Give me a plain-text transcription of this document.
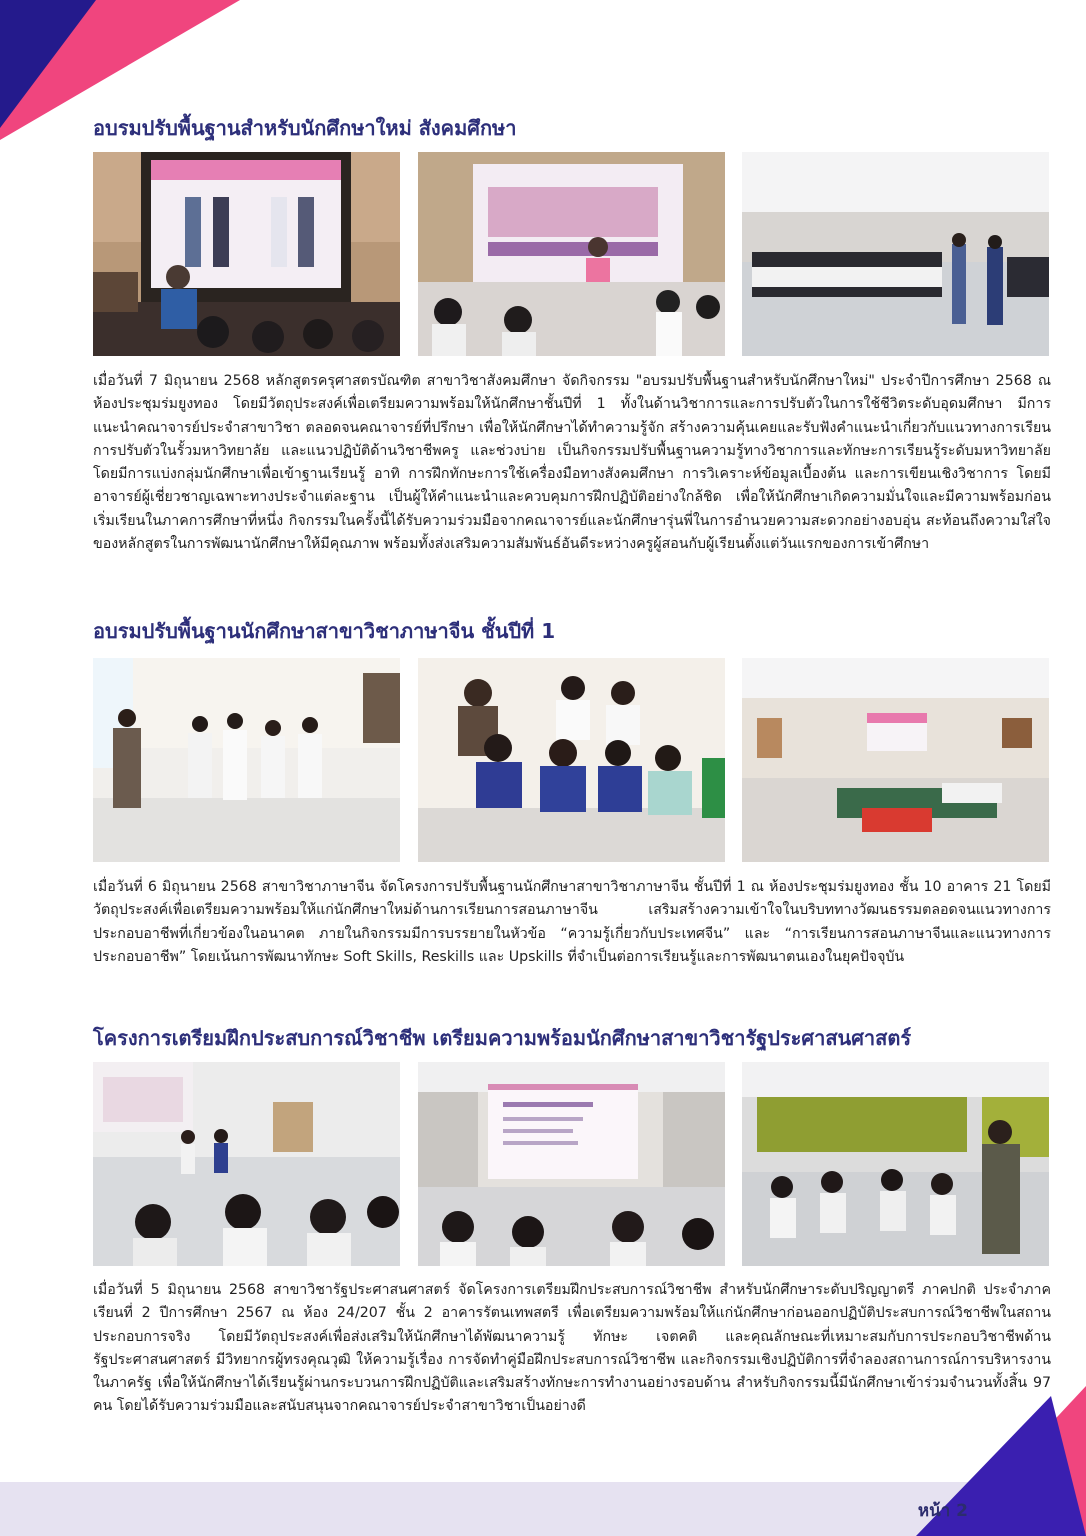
หน้า 2
อบรมปรับพื้นฐานสำหรับนักศึกษาใหม่ สังคมศึกษา

เมื่อวันที่ 7 มิถุนายน 2568 หลักสูตรครุศาสตรบัณฑิต สาขาวิชาสังคมศึกษา จัดกิจกรรม "อบรมปรับพื้นฐานสำหรับนักศึกษาใหม่" ประจำปีการศึกษา 2568 ณ ห้องประชุมร่มยูงทอง โดยมีวัตถุประสงค์เพื่อเตรียมความพร้อมให้นักศึกษาชั้นปีที่ 1 ทั้งในด้านวิชาการและการปรับตัวในการใช้ชีวิตระดับอุดมศึกษา มีการแนะนำคณาจารย์ประจำสาขาวิชา ตลอดจนคณาจารย์ที่ปรึกษา เพื่อให้นักศึกษาได้ทำความรู้จัก สร้างความคุ้นเคยและรับฟังคำแนะนำเกี่ยวกับแนวทางการเรียน การปรับตัวในรั้วมหาวิทยาลัย และแนวปฏิบัติด้านวิชาชีพครู และช่วงบ่าย เป็นกิจกรรมปรับพื้นฐานความรู้ทางวิชาการและทักษะการเรียนรู้ระดับมหาวิทยาลัย โดยมีการแบ่งกลุ่มนักศึกษาเพื่อเข้าฐานเรียนรู้ อาทิ การฝึกทักษะการใช้เครื่องมือทางสังคมศึกษา การวิเคราะห์ข้อมูลเบื้องต้น และการเขียนเชิงวิชาการ โดยมีอาจารย์ผู้เชี่ยวชาญเฉพาะทางประจำแต่ละฐาน เป็นผู้ให้คำแนะนำและควบคุมการฝึกปฏิบัติอย่างใกล้ชิด เพื่อให้นักศึกษาเกิดความมั่นใจและมีความพร้อมก่อนเริ่มเรียนในภาคการศึกษาที่หนึ่ง กิจกรรมในครั้งนี้ได้รับความร่วมมือจากคณาจารย์และนักศึกษารุ่นพี่ในการอำนวยความสะดวกอย่างอบอุ่น สะท้อนถึงความใส่ใจของหลักสูตรในการพัฒนานักศึกษาให้มีคุณภาพ พร้อมทั้งส่งเสริมความสัมพันธ์อันดีระหว่างครูผู้สอนกับผู้เรียนตั้งแต่วันแรกของการเข้าศึกษา

อบรมปรับพื้นฐานนักศึกษาสาขาวิชาภาษาจีน ชั้นปีที่ 1

เมื่อวันที่ 6 มิถุนายน 2568 สาขาวิชาภาษาจีน จัดโครงการปรับพื้นฐานนักศึกษาสาขาวิชาภาษาจีน ชั้นปีที่ 1 ณ ห้องประชุมร่มยูงทอง ชั้น 10 อาคาร 21 โดยมีวัตถุประสงค์เพื่อเตรียมความพร้อมให้แก่นักศึกษาใหม่ด้านการเรียนการสอนภาษาจีน เสริมสร้างความเข้าใจในบริบททางวัฒนธรรมตลอดจนแนวทางการประกอบอาชีพที่เกี่ยวข้องในอนาคต ภายในกิจกรรมมีการบรรยายในหัวข้อ “ความรู้เกี่ยวกับประเทศจีน” และ “การเรียนการสอนภาษาจีนและแนวทางการประกอบอาชีพ” โดยเน้นการพัฒนาทักษะ Soft Skills, Reskills และ Upskills ที่จำเป็นต่อการเรียนรู้และการพัฒนาตนเองในยุคปัจจุบัน

โครงการเตรียมฝึกประสบการณ์วิชาชีพ เตรียมความพร้อมนักศึกษาสาขาวิชารัฐประศาสนศาสตร์

เมื่อวันที่ 5 มิถุนายน 2568 สาขาวิชารัฐประศาสนศาสตร์ จัดโครงการเตรียมฝึกประสบการณ์วิชาชีพ สำหรับนักศึกษาระดับปริญญาตรี ภาคปกติ ประจำภาคเรียนที่ 2 ปีการศึกษา 2567 ณ ห้อง 24/207 ชั้น 2 อาคารรัตนเทพสตรี เพื่อเตรียมความพร้อมให้แก่นักศึกษาก่อนออกปฏิบัติประสบการณ์วิชาชีพในสถานประกอบการจริง โดยมีวัตถุประสงค์เพื่อส่งเสริมให้นักศึกษาได้พัฒนาความรู้ ทักษะ เจตคติ และคุณลักษณะที่เหมาะสมกับการประกอบวิชาชีพด้านรัฐประศาสนศาสตร์ มีวิทยากรผู้ทรงคุณวุฒิ ให้ความรู้เรื่อง การจัดทำคู่มือฝึกประสบการณ์วิชาชีพ และกิจกรรมเชิงปฏิบัติการที่จำลองสถานการณ์การบริหารงานในภาครัฐ เพื่อให้นักศึกษาได้เรียนรู้ผ่านกระบวนการฝึกปฏิบัติและเสริมสร้างทักษะการทำงานอย่างรอบด้าน สำหรับกิจกรรมนี้มีนักศึกษาเข้าร่วมจำนวนทั้งสิ้น 97 คน โดยได้รับความร่วมมือและสนับสนุนจากคณาจารย์ประจำสาขาวิชาเป็นอย่างดี
